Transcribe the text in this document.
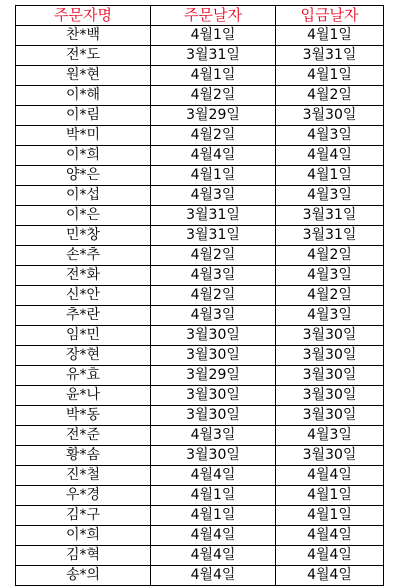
주문자명	주문날자	입금날자
찬*백	4월1일	4월1일
전*도	3월31일	3월31일
원*현	4월1일	4월1일
이*해	4월2일	4월2일
이*림	3월29일	3월30일
박*미	4월2일	4월3일
이*희	4월4일	4월4일
양*은	4월1일	4월1일
이*섭	4월3일	4월3일
이*은	3월31일	3월31일
민*창	3월31일	3월31일
손*추	4월2일	4월2일
전*화	4월3일	4월3일
신*안	4월2일	4월2일
추*란	4월3일	4월3일
임*민	3월30일	3월30일
장*현	3월30일	3월30일
유*효	3월29일	3월30일
윤*나	3월30일	3월30일
박*동	3월30일	3월30일
전*준	4월3일	4월3일
황*솜	3월30일	3월30일
진*철	4월4일	4월4일
우*경	4월1일	4월1일
김*구	4월1일	4월1일
이*희	4월4일	4월4일
김*혁	4월4일	4월4일
송*의	4월4일	4월4일
